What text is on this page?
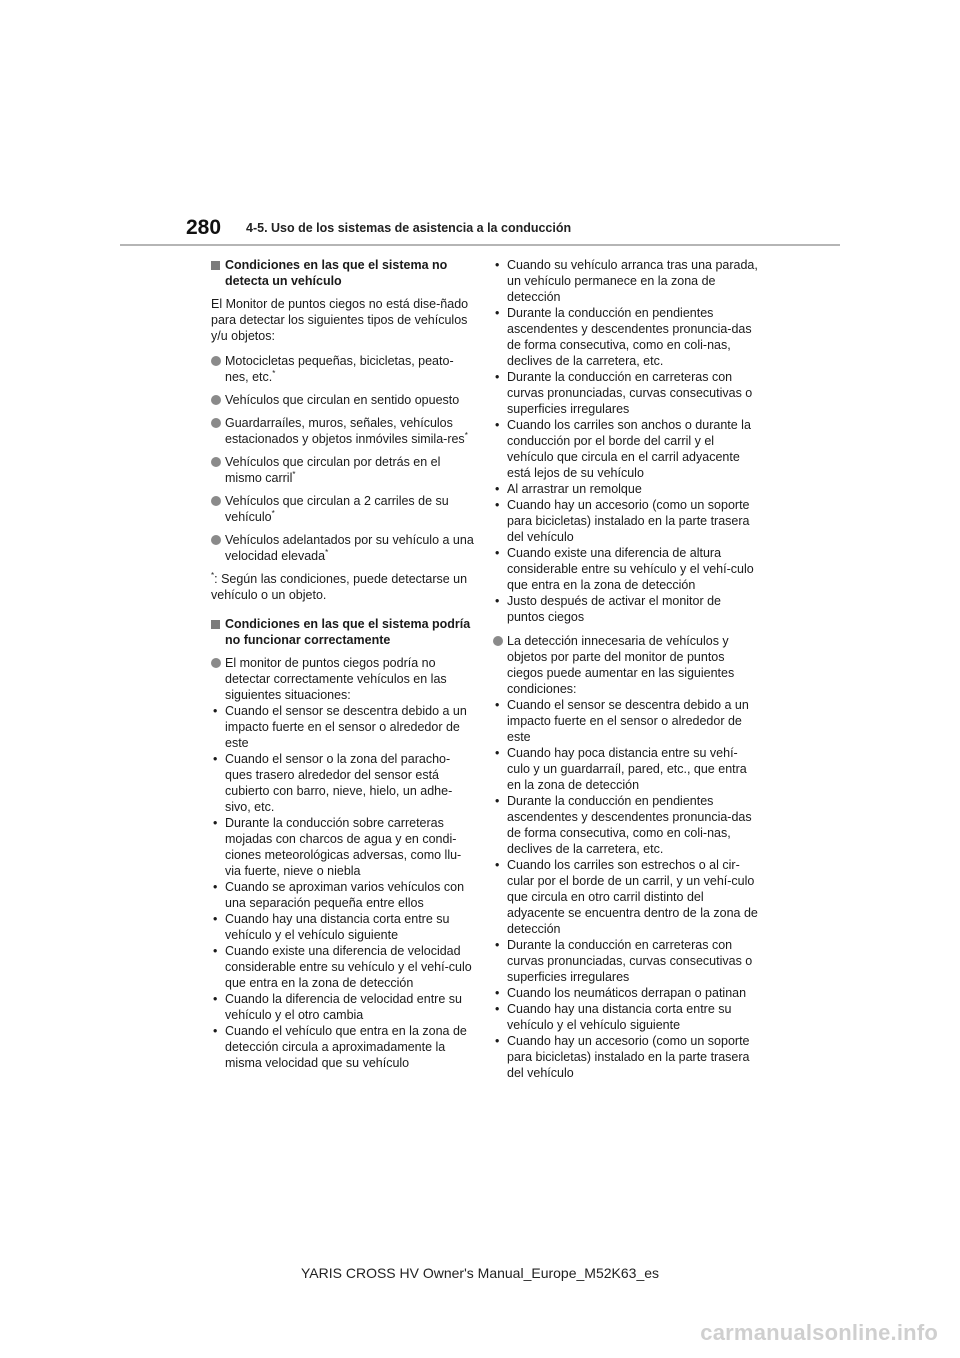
280 4-5. Uso de los sistemas de asistencia a la conducción
Condiciones en las que el sistema no detecta un vehículo

El Monitor de puntos ciegos no está dise-ñado para detectar los siguientes tipos de vehículos y/u objetos:

Motocicletas pequeñas, bicicletas, peato-nes, etc.*
Vehículos que circulan en sentido opuesto
Guardarraíles, muros, señales, vehículos estacionados y objetos inmóviles simila-res*
Vehículos que circulan por detrás en el mismo carril*
Vehículos que circulan a 2 carriles de su vehículo*
Vehículos adelantados por su vehículo a una velocidad elevada*

*: Según las condiciones, puede detectarse un vehículo o un objeto.

Condiciones en las que el sistema podría no funcionar correctamente
El monitor de puntos ciegos podría no detectar correctamente vehículos en las siguientes situaciones:
• Cuando el sensor se descentra debido a un impacto fuerte en el sensor o alrededor de este
• Cuando el sensor o la zona del paracho-ques trasero alrededor del sensor está cubierto con barro, nieve, hielo, un adhe-sivo, etc.
• Durante la conducción sobre carreteras mojadas con charcos de agua y en condi-ciones meteorológicas adversas, como llu-via fuerte, nieve o niebla
• Cuando se aproximan varios vehículos con una separación pequeña entre ellos
• Cuando hay una distancia corta entre su vehículo y el vehículo siguiente
• Cuando existe una diferencia de velocidad considerable entre su vehículo y el vehí-culo que entra en la zona de detección
• Cuando la diferencia de velocidad entre su vehículo y el otro cambia
• Cuando el vehículo que entra en la zona de detección circula a aproximadamente la misma velocidad que su vehículo
• Cuando su vehículo arranca tras una parada, un vehículo permanece en la zona de detección
• Durante la conducción en pendientes ascendentes y descendentes pronuncia-das de forma consecutiva, como en coli-nas, declives de la carretera, etc.
• Durante la conducción en carreteras con curvas pronunciadas, curvas consecutivas o superficies irregulares
• Cuando los carriles son anchos o durante la conducción por el borde del carril y el vehículo que circula en el carril adyacente está lejos de su vehículo
• Al arrastrar un remolque
• Cuando hay un accesorio (como un soporte para bicicletas) instalado en la parte trasera del vehículo
• Cuando existe una diferencia de altura considerable entre su vehículo y el vehí-culo que entra en la zona de detección
• Justo después de activar el monitor de puntos ciegos
La detección innecesaria de vehículos y objetos por parte del monitor de puntos ciegos puede aumentar en las siguientes condiciones:
• Cuando el sensor se descentra debido a un impacto fuerte en el sensor o alrededor de este
• Cuando hay poca distancia entre su vehí-culo y un guardarraíl, pared, etc., que entra en la zona de detección
• Durante la conducción en pendientes ascendentes y descendentes pronuncia-das de forma consecutiva, como en coli-nas, declives de la carretera, etc.
• Cuando los carriles son estrechos o al cir-cular por el borde de un carril, y un vehí-culo que circula en otro carril distinto del adyacente se encuentra dentro de la zona de detección
• Durante la conducción en carreteras con curvas pronunciadas, curvas consecutivas o superficies irregulares
• Cuando los neumáticos derrapan o patinan
• Cuando hay una distancia corta entre su vehículo y el vehículo siguiente
• Cuando hay un accesorio (como un soporte para bicicletas) instalado en la parte trasera del vehículo
YARIS CROSS HV Owner's Manual_Europe_M52K63_es
carmanualsonline.info
